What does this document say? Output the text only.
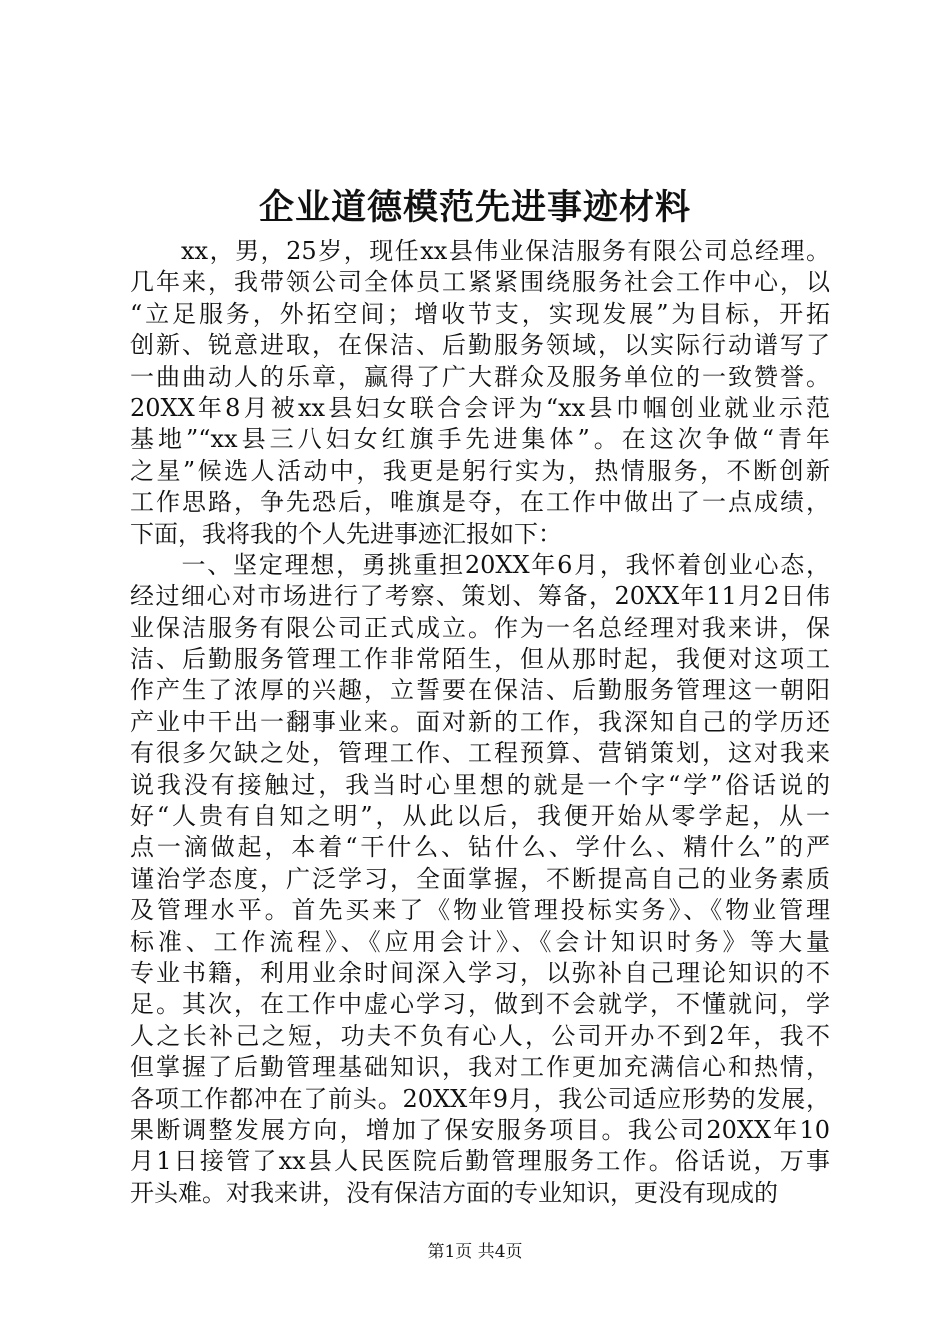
企业道德模范先进事迹材料
　　xx，男，25岁，现任xx县伟业保洁服务有限公司总经理。
几年来，我带领公司全体员工紧紧围绕服务社会工作中心，以
“立足服务，外拓空间；增收节支，实现发展”为目标，开拓
创新、锐意进取，在保洁、后勤服务领域，以实际行动谱写了
一曲曲动人的乐章，赢得了广大群众及服务单位的一致赞誉。
20XX年8月被xx县妇女联合会评为“xx县巾帼创业就业示范
基地”“xx县三八妇女红旗手先进集体”。在这次争做“青年
之星”候选人活动中，我更是躬行实为，热情服务，不断创新
工作思路，争先恐后，唯旗是夺，在工作中做出了一点成绩，
下面，我将我的个人先进事迹汇报如下：
　　一、坚定理想，勇挑重担20XX年6月，我怀着创业心态，
经过细心对市场进行了考察、策划、筹备，20XX年11月2日伟
业保洁服务有限公司正式成立。作为一名总经理对我来讲，保
洁、后勤服务管理工作非常陌生，但从那时起，我便对这项工
作产生了浓厚的兴趣，立誓要在保洁、后勤服务管理这一朝阳
产业中干出一翻事业来。面对新的工作，我深知自己的学历还
有很多欠缺之处，管理工作、工程预算、营销策划，这对我来
说我没有接触过，我当时心里想的就是一个字“学”俗话说的
好“人贵有自知之明”，从此以后，我便开始从零学起，从一
点一滴做起，本着“干什么、钻什么、学什么、精什么”的严
谨治学态度，广泛学习，全面掌握，不断提高自己的业务素质
及管理水平。首先买来了《物业管理投标实务》、《物业管理
标准、工作流程》、《应用会计》、《会计知识时务》等大量
专业书籍，利用业余时间深入学习，以弥补自己理论知识的不
足。其次，在工作中虚心学习，做到不会就学，不懂就问，学
人之长补己之短，功夫不负有心人，公司开办不到2年，我不
但掌握了后勤管理基础知识，我对工作更加充满信心和热情，
各项工作都冲在了前头。20XX年9月，我公司适应形势的发展，
果断调整发展方向，增加了保安服务项目。我公司20XX年10
月1日接管了xx县人民医院后勤管理服务工作。俗话说，万事
开头难。对我来讲，没有保洁方面的专业知识，更没有现成的
第1页 共4页
